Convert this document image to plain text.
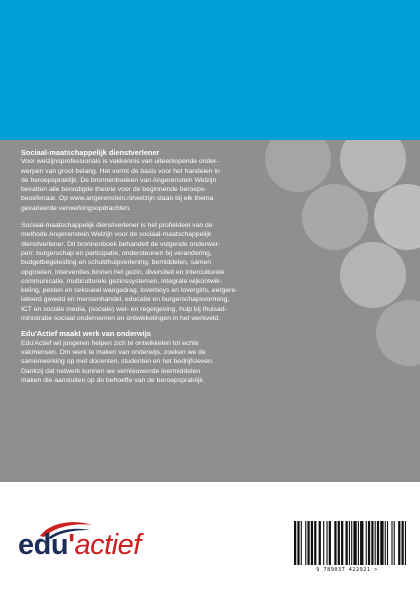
Sociaal-maatschappelijk dienstverlener

Voor welzijnsprofessionals is vakkennis van uiteenlopende onder-
werpen van groot belang. Het vormt de basis voor het handelen in
de beroepspraktijk. De bronnenboeken van Angerenstein Welzijn
bevatten alle benodigde theorie voor de beginnende beroeps-
beoefenaar. Op www.angerenstein.nl/welzijn staan bij elk thema
gevarieerde verwerkingsopdrachten.

Sociaal-maatschappelijk dienstverlener is het profieldeel van de
methode Angerenstein Welzijn voor de sociaal-maatschappelijk
dienstverlener. Dit bronnenboek behandelt de volgende onderwer-
pen: burgerschap en participatie, ondersteunen bij verandering,
budgetbegeleiding en schuldhulpverlening, bemiddelen, samen
opgroeien, interventies binnen het gezin, diversiteit en interculturele
communicatie, multiculturele gezinssystemen, integrale wijkontwik-
keling, pesten en seksueel wangedrag, loverboys en lovergirls, eergere-
lateerd geweld en mensenhandel, educatie en burgerschapsvorming,
ICT en sociale media, (sociale) wet- en regelgeving, hulp bij thuisad-
ministratie sociaal ondernemen en ontwikkelingen in het werkveld.

Edu'Actief maakt werk van onderwijs

Edu'Actief wil jongeren helpen zich te ontwikkelen tot echte
vakmensen. Om werk te maken van onderwijs, zoeken we de
samenwerking op met docenten, studenten en het bedrijfsleven.
Dankzij dat netwerk kunnen we vernieuwende leermiddelen
maken die aansluiten op de behoefte van de beroepspraktijk.

edu'actief
9 789037 422921 >
